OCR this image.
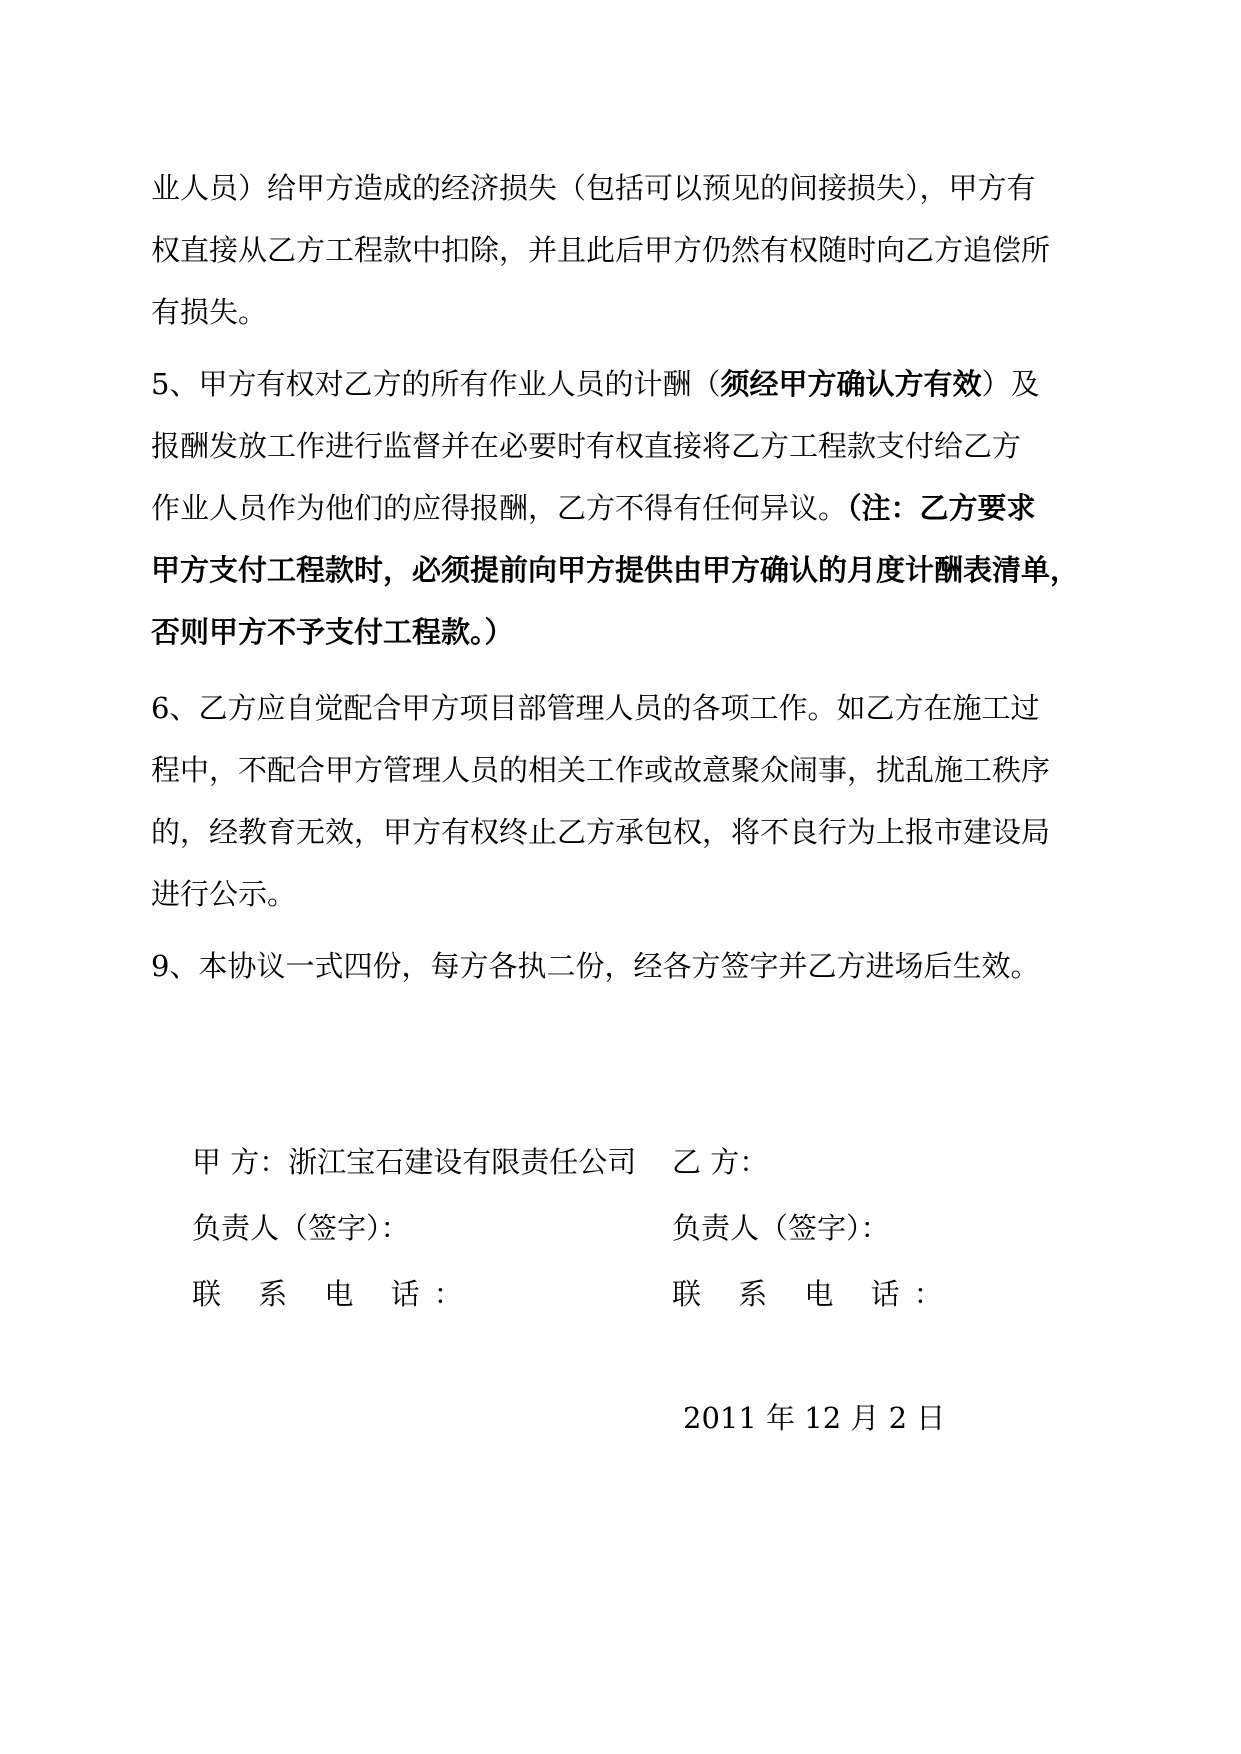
业人员）给甲方造成的经济损失（包括可以预见的间接损失），甲方有
权直接从乙方工程款中扣除，并且此后甲方仍然有权随时向乙方追偿所
有损失。
5、甲方有权对乙方的所有作业人员的计酬（须经甲方确认方有效）及
报酬发放工作进行监督并在必要时有权直接将乙方工程款支付给乙方
作业人员作为他们的应得报酬，乙方不得有任何异议。（注：乙方要求
甲方支付工程款时，必须提前向甲方提供由甲方确认的月度计酬表清单，
否则甲方不予支付工程款。）
6、乙方应自觉配合甲方项目部管理人员的各项工作。如乙方在施工过
程中，不配合甲方管理人员的相关工作或故意聚众闹事，扰乱施工秩序
的，经教育无效，甲方有权终止乙方承包权，将不良行为上报市建设局
进行公示。
9、本协议一式四份，每方各执二份，经各方签字并乙方进场后生效。
甲 方：浙江宝石建设有限责任公司 乙 方：
负责人（签字）：	负责人（签字）：
联 系 电 话：	联 系 电 话：
2011 年 12 月 2 日
